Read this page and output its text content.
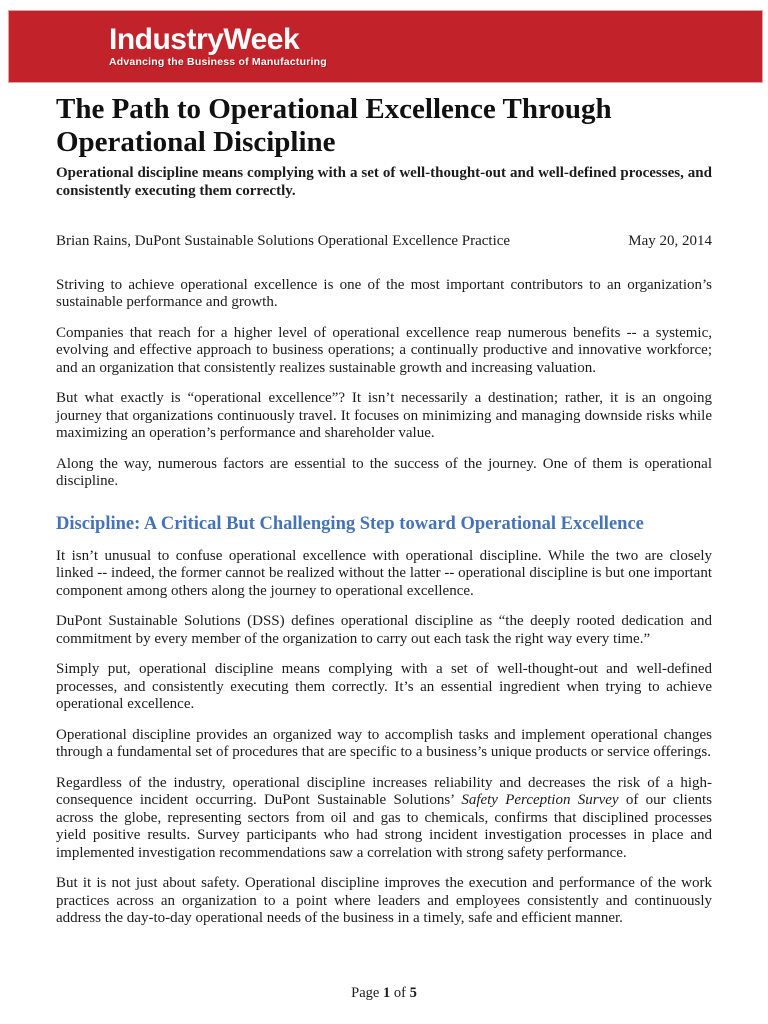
IndustryWeek
Advancing the Business of Manufacturing
The Path to Operational Excellence Through Operational Discipline

Operational discipline means complying with a set of well-thought-out and well-defined processes, and consistently executing them correctly.

Brian Rains, DuPont Sustainable Solutions Operational Excellence Practice	May 20, 2014

Striving to achieve operational excellence is one of the most important contributors to an organization’s sustainable performance and growth.

Companies that reach for a higher level of operational excellence reap numerous benefits -- a systemic, evolving and effective approach to business operations; a continually productive and innovative workforce; and an organization that consistently realizes sustainable growth and increasing valuation.

But what exactly is “operational excellence”? It isn’t necessarily a destination; rather, it is an ongoing journey that organizations continuously travel. It focuses on minimizing and managing downside risks while maximizing an operation’s performance and shareholder value.

Along the way, numerous factors are essential to the success of the journey. One of them is operational discipline.

Discipline: A Critical But Challenging Step toward Operational Excellence

It isn’t unusual to confuse operational excellence with operational discipline. While the two are closely linked -- indeed, the former cannot be realized without the latter -- operational discipline is but one important component among others along the journey to operational excellence.

DuPont Sustainable Solutions (DSS) defines operational discipline as “the deeply rooted dedication and commitment by every member of the organization to carry out each task the right way every time.”

Simply put, operational discipline means complying with a set of well-thought-out and well-defined processes, and consistently executing them correctly. It’s an essential ingredient when trying to achieve operational excellence.

Operational discipline provides an organized way to accomplish tasks and implement operational changes through a fundamental set of procedures that are specific to a business’s unique products or service offerings.

Regardless of the industry, operational discipline increases reliability and decreases the risk of a high-consequence incident occurring. DuPont Sustainable Solutions’ Safety Perception Survey of our clients across the globe, representing sectors from oil and gas to chemicals, confirms that disciplined processes yield positive results. Survey participants who had strong incident investigation processes in place and implemented investigation recommendations saw a correlation with strong safety performance.

But it is not just about safety. Operational discipline improves the execution and performance of the work practices across an organization to a point where leaders and employees consistently and continuously address the day-to-day operational needs of the business in a timely, safe and efficient manner.

Page 1 of 5
